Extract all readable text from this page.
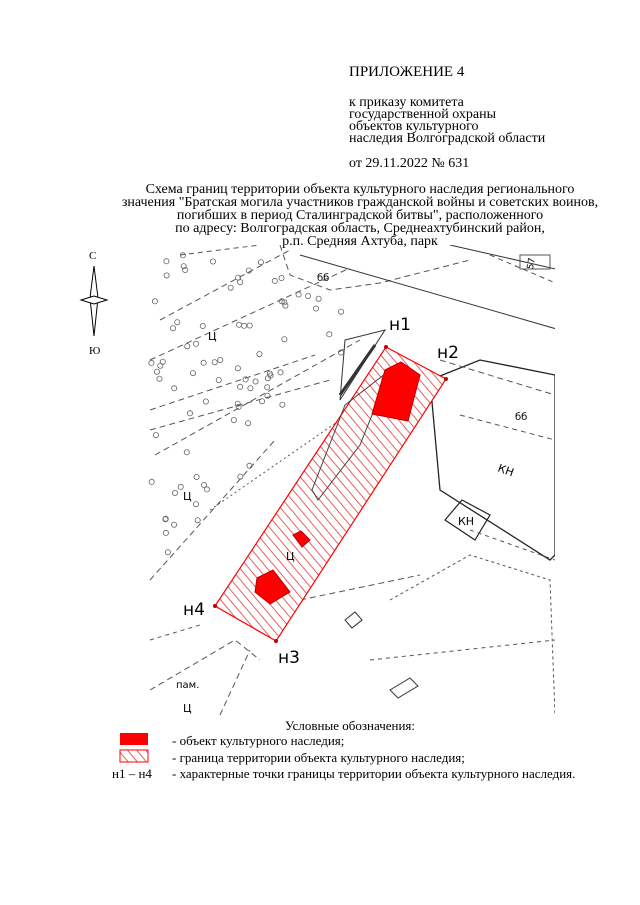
ПРИЛОЖЕНИЕ 4
к приказу комитета
государственной охраны
объектов культурного
наследия Волгоградской области
от 29.11.2022 № 631
Схема границ территории объекта культурного наследия регионального
значения "Братская могила участников гражданской войны и советских воинов,
погибших в период Сталинградской битвы", расположенного
по адресу: Волгоградская область, Среднеахтубинский район,
р.п. Средняя Ахтуба, парк
С
Ю
н1
н2
н3
н4
КН
КН
Ц
Ц
Ц
Ц
пам.
57
бб
бб
Условные обозначения:
- объект культурного наследия;
- граница территории объекта культурного наследия;
- характерные точки границы территории объекта культурного наследия.
н1 – н4
